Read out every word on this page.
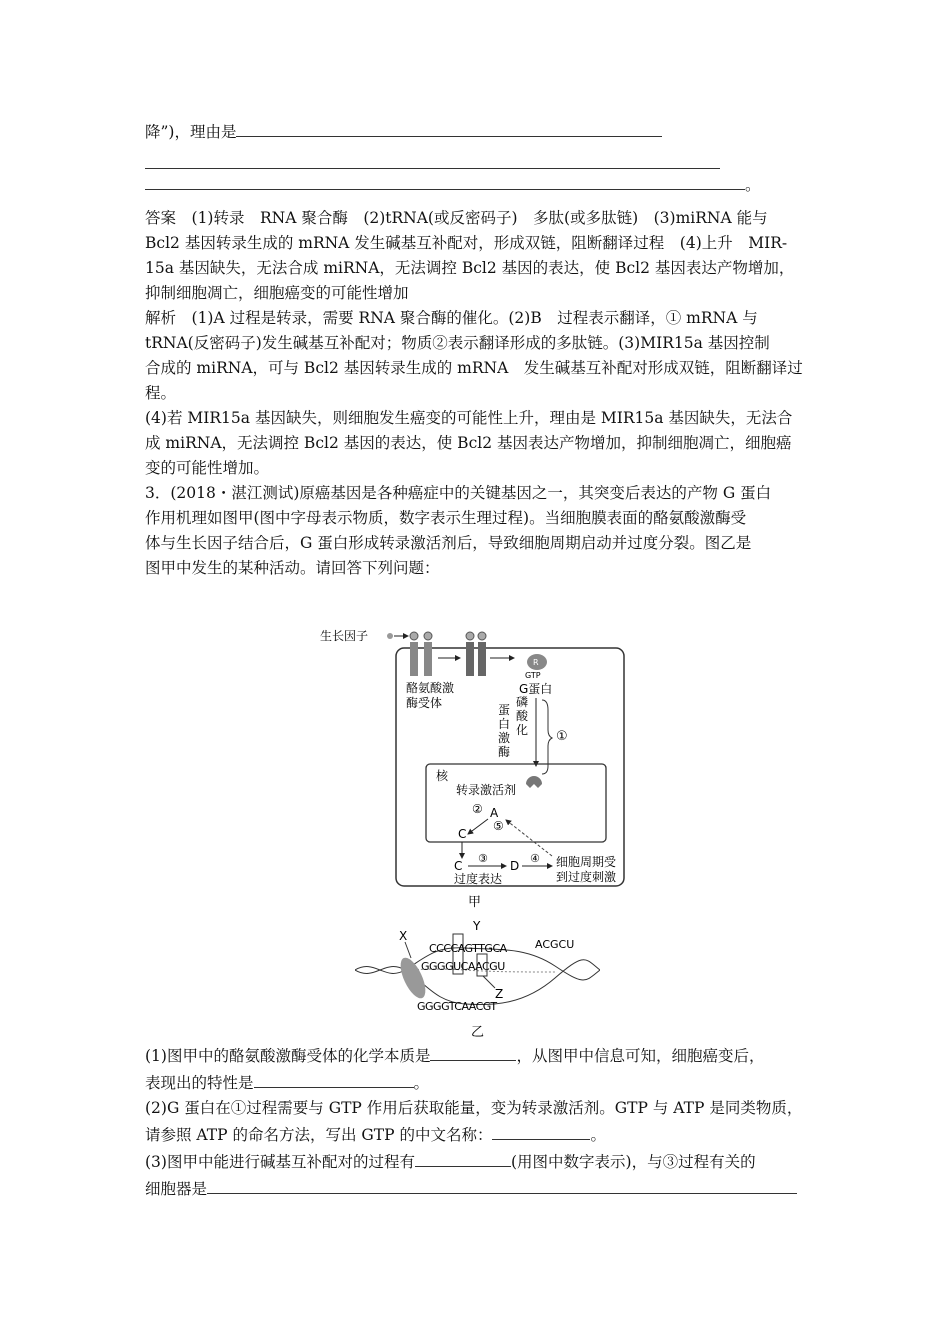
降”)，理由是

。

答案　(1)转录　RNA 聚合酶　(2)tRNA(或反密码子)　多肽(或多肽链)　(3)miRNA 能与

Bcl2 基因转录生成的 mRNA 发生碱基互补配对，形成双链，阻断翻译过程　(4)上升　MIR-

15a 基因缺失，无法合成 miRNA，无法调控 Bcl2 基因的表达，使 Bcl2 基因表达产物增加，

抑制细胞凋亡，细胞癌变的可能性增加

解析　(1)A 过程是转录，需要 RNA 聚合酶的催化。(2)B　过程表示翻译，① mRNA 与

tRNA(反密码子)发生碱基互补配对；物质②表示翻译形成的多肽链。(3)MIR15a 基因控制

合成的 miRNA，可与 Bcl2 基因转录生成的 mRNA　发生碱基互补配对形成双链，阻断翻译过

程。

(4)若 MIR15a 基因缺失，则细胞发生癌变的可能性上升，理由是 MIR15a 基因缺失，无法合

成 miRNA，无法调控 Bcl2 基因的表达，使 Bcl2 基因表达产物增加，抑制细胞凋亡，细胞癌

变的可能性增加。

3．(2018・湛江测试)原癌基因是各种癌症中的关键基因之一，其突变后表达的产物 G 蛋白

作用机理如图甲(图中字母表示物质，数字表示生理过程)。当细胞膜表面的酪氨酸激酶受

体与生长因子结合后，G 蛋白形成转录激活剂后，导致细胞周期启动并过度分裂。图乙是

图甲中发生的某种活动。请回答下列问题：

生长因子
酪氨酸激
酶受体
R
GTP
G蛋白
蛋
白
激
酶
磷
酸
化 ①
核
转录激活剂
② A
⑤
C
C
③
D
④ 细胞周期受
到过度刺激
过度表达
甲
X
Y
CCCCAGTTGCA	ACGCU
GGGGUCAACGU
Z
GGGGTCAACGT
乙

(1)图甲中的酪氨酸激酶受体的化学本质是	，从图甲中信息可知，细胞癌变后，

表现出的特性是	。

(2)G 蛋白在①过程需要与 GTP 作用后获取能量，变为转录激活剂。GTP 与 ATP 是同类物质，

请参照 ATP 的命名方法，写出 GTP 的中文名称：	。

(3)图甲中能进行碱基互补配对的过程有	(用图中数字表示)，与③过程有关的

细胞器是
